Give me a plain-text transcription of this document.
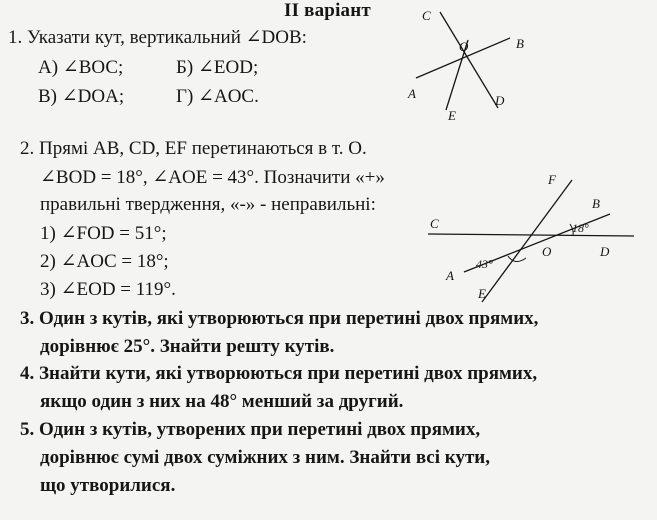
II варіант
1. Указати кут, вертикальний ∠DOB:
А) ∠ВОС;	Б) ∠EOD;
В) ∠DOA;	Г) ∠AOC.
C
O	B
A
E
D
2. Прямі AB, CD, EF перетинаються в т. O.
∠BOD = 18°, ∠AOE = 43°. Позначити «+»
правильні твердження, «-» - неправильні:
1) ∠FOD = 51°;
2) ∠AOC = 18°;
3) ∠EOD = 119°.
F
B
C	18°
O	D
43°
A
E
3. Один з кутів, які утворюються при перетині двох прямих,
дорівнює 25°. Знайти решту кутів.
4. Знайти кути, які утворюються при перетині двох прямих,
якщо один з них на 48° менший за другий.
5. Один з кутів, утворених при перетині двох прямих,
дорівнює сумі двох суміжних з ним. Знайти всі кути,
що утворилися.
